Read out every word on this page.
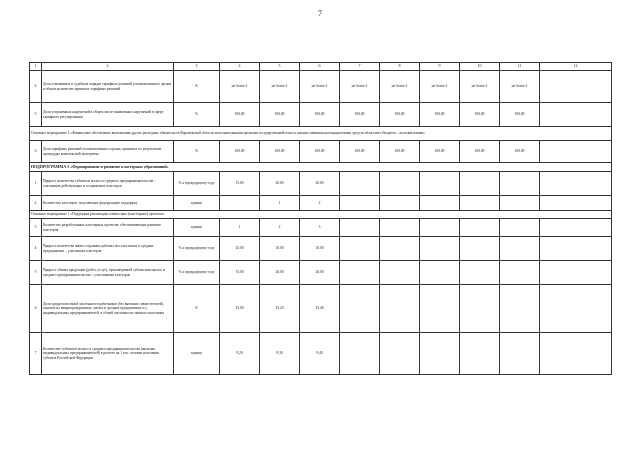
7
1	2	3	4	5	6	7	8	9	10	11	12
4	Доля отмененных в судебном порядке тарифных решений уполномоченного органа в общем количестве принятых тарифных решений	%	не более 3	не более 3	не более 3	не более 3	не более 3	не более 3	не более 3	не более 3	
5	Доля устраненных нарушений в общем числе выявленных нарушений в сфере тарифного регулирования	%	100,00	100,00	100,00	100,00	100,00	100,00	100,00	100,00	
Основное мероприятие 2 «Финансовое обеспечение выполнения других расходных обязательств Воронежской области исполнительными органами государственной власти, иными главными распорядителями средств областного бюджета – исполнителями»											
6	Доля тарифных решений уполномоченного органа, принятых по результатам процедуры комплексной экспертизы	%	100,00	100,00	100,00	100,00	100,00	100,00	100,00	100,00	
ПОДПРОГРАММА 5 «Формирование и развитие кластерных образований»											
1	Прирост количества субъектов малого и среднего предпринимательства – участников действующих и создаваемых кластеров	% к предыдущему году	15,00	20,00	20,00						
2	Количество кластеров, получающих федеральную поддержку	единиц		1	2						
Основное мероприятие 1 «Поддержка реализации совместных (кластерных) проектов»											
3	Количество разработанных кластерных проектов, обеспечивающих развитие кластеров	единиц	1	2	3						
4	Прирост количества вновь созданных рабочих мест на малых и средних предприятиях – участниках кластеров	% к предыдущему году	25,00	10,00	10,00						
5	Прирост объема продукции (работ, услуг), произведенной субъектами малого и среднего предпринимательства – участниками кластеров	% к предыдущему году	15,00	20,00	20,00						
6	Доля среднесписочной численности работников (без внешних совместителей), занятых на микропредприятиях, малых и средних предприятиях и у индивидуальных предпринимателей, в общей численности занятого населения	%	33,00	33,20	33,40						
7	Количество субъектов малого и среднего предпринимательства (включая индивидуальных предпринимателей) в расчете на 1 тыс. человек населения субъекта Российской Федерации	единиц	9,20	9,30	9,40						
